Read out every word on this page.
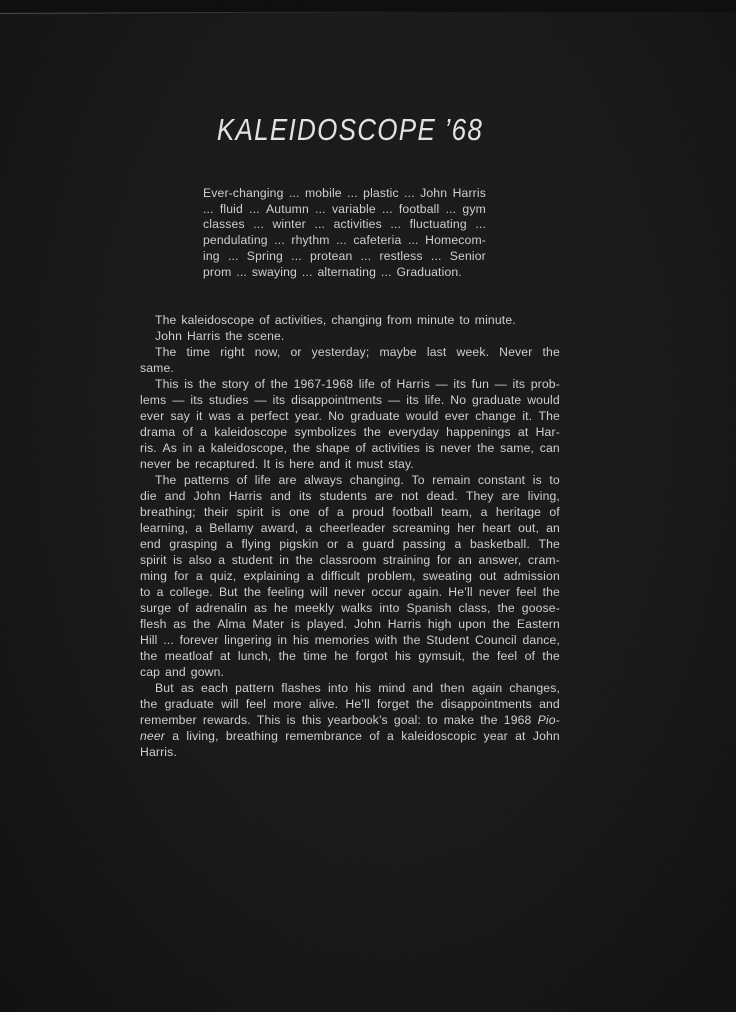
KALEIDOSCOPE ’68
Ever-changing ... mobile ... plastic ... John Harris
... fluid ... Autumn ... variable ... football ... gym
classes ... winter ... activities ... fluctuating ...
pendulating ... rhythm ... cafeteria ... Homecom-
ing ... Spring ... protean ... restless ... Senior
prom ... swaying ... alternating ... Graduation.
The kaleidoscope of activities, changing from minute to minute.
John Harris the scene.
The time right now, or yesterday; maybe last week. Never the
same.
This is the story of the 1967-1968 life of Harris — its fun — its prob-
lems — its studies — its disappointments — its life. No graduate would
ever say it was a perfect year. No graduate would ever change it. The
drama of a kaleidoscope symbolizes the everyday happenings at Har-
ris. As in a kaleidoscope, the shape of activities is never the same, can
never be recaptured. It is here and it must stay.
The patterns of life are always changing. To remain constant is to
die and John Harris and its students are not dead. They are living,
breathing; their spirit is one of a proud football team, a heritage of
learning, a Bellamy award, a cheerleader screaming her heart out, an
end grasping a flying pigskin or a guard passing a basketball. The
spirit is also a student in the classroom straining for an answer, cram-
ming for a quiz, explaining a difficult problem, sweating out admission
to a college. But the feeling will never occur again. He’ll never feel the
surge of adrenalin as he meekly walks into Spanish class, the goose-
flesh as the Alma Mater is played. John Harris high upon the Eastern
Hill ... forever lingering in his memories with the Student Council dance,
the meatloaf at lunch, the time he forgot his gymsuit, the feel of the
cap and gown.
But as each pattern flashes into his mind and then again changes,
the graduate will feel more alive. He’ll forget the disappointments and
remember rewards. This is this yearbook’s goal: to make the 1968 Pio-
neer a living, breathing remembrance of a kaleidoscopic year at John
Harris.
